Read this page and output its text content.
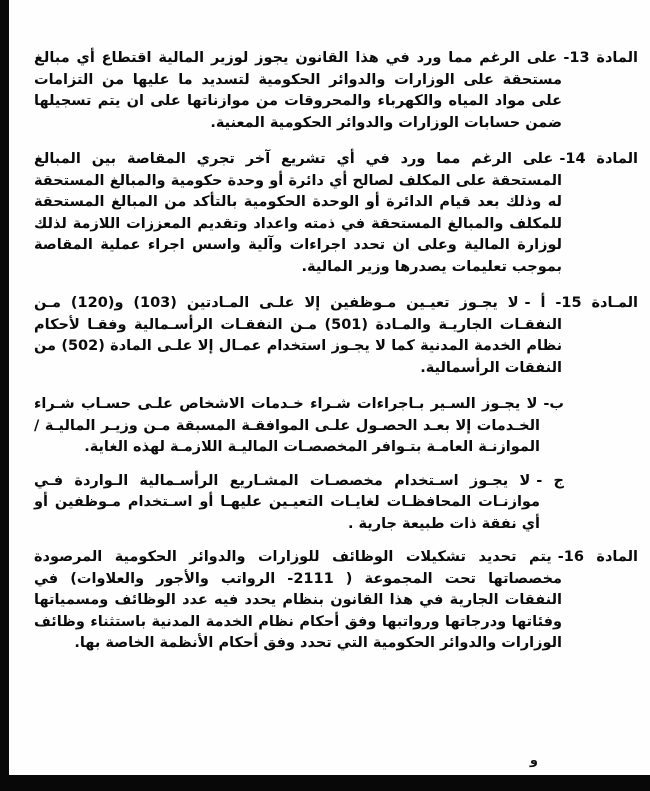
المادة 13-على الرغم مما ورد في هذا القانون يجوز لوزير المالية اقتطاع أي مبالغ مستحقة على الوزارات والدوائر الحكومية لتسديد ما عليها من التزامات على مواد المياه والكهرباء والمحروقات من موازناتها على ان يتم تسجيلها ضمن حسابات الوزارات والدوائر الحكومية المعنية.

المادة 14-على الرغم مما ورد في أي تشريع آخر تجري المقاصة بين المبالغ المستحقة على المكلف لصالح أي دائرة أو وحدة حكومية والمبالغ المستحقة له وذلك بعد قيام الدائرة أو الوحدة الحكومية بالتأكد من المبالغ المستحقة للمكلف والمبالغ المستحقة في ذمته واعداد وتقديم المعززات اللازمة لذلك لوزارة المالية وعلى ان تحدد اجراءات وآلية واسس اجراء عملية المقاصة بموجب تعليمات يصدرها وزير المالية.

المـادة 15- أ -لا يجـوز تعيـين مـوظفين إلا علـى المـادتين (103) و(120) مـن النفقـات الجاريـة والمـادة (501) مـن النفقـات الرأسـمالية وفقـا لأحكام نظام الخدمة المدنية كما لا يجـوز استخدام عمـال إلا علـى المادة (502) من النفقات الرأسمالية.

ب-لا يجـوز السـير بـاجراءات شـراء خـدمات الاشخاص علـى حسـاب شـراء الخـدمات إلا بعـد الحصـول علـى الموافقـة المسبقة مـن وزيـر المالیـة / الموازنـة العامـة بتـوافر المخصصـات المالیـة اللازمـة لهذه الغاية.

ج -لا يجـوز اسـتخدام مخصصـات المشـاريع الرأسـمالية الـواردة فـي موازنـات المحافظـات لغايـات التعيـين عليهـا أو اسـتخدام مـوظفين أو أي نفقة ذات طبيعة جارية .

المادة 16-يتم تحديد تشكيلات الوظائف للوزارات والدوائر الحكومية المرصودة مخصصاتها تحت المجموعة ( 2111- الرواتب والأجور والعلاوات) في النفقات الجارية في هذا القانون بنظام يحدد فيه عدد الوظائف ومسمياتها وفئاتها ودرجاتها ورواتبها وفق أحكام نظام الخدمة المدنية باستثناء وظائف الوزارات والدوائر الحكومية التي تحدد وفق أحكام الأنظمة الخاصة بها.

و
